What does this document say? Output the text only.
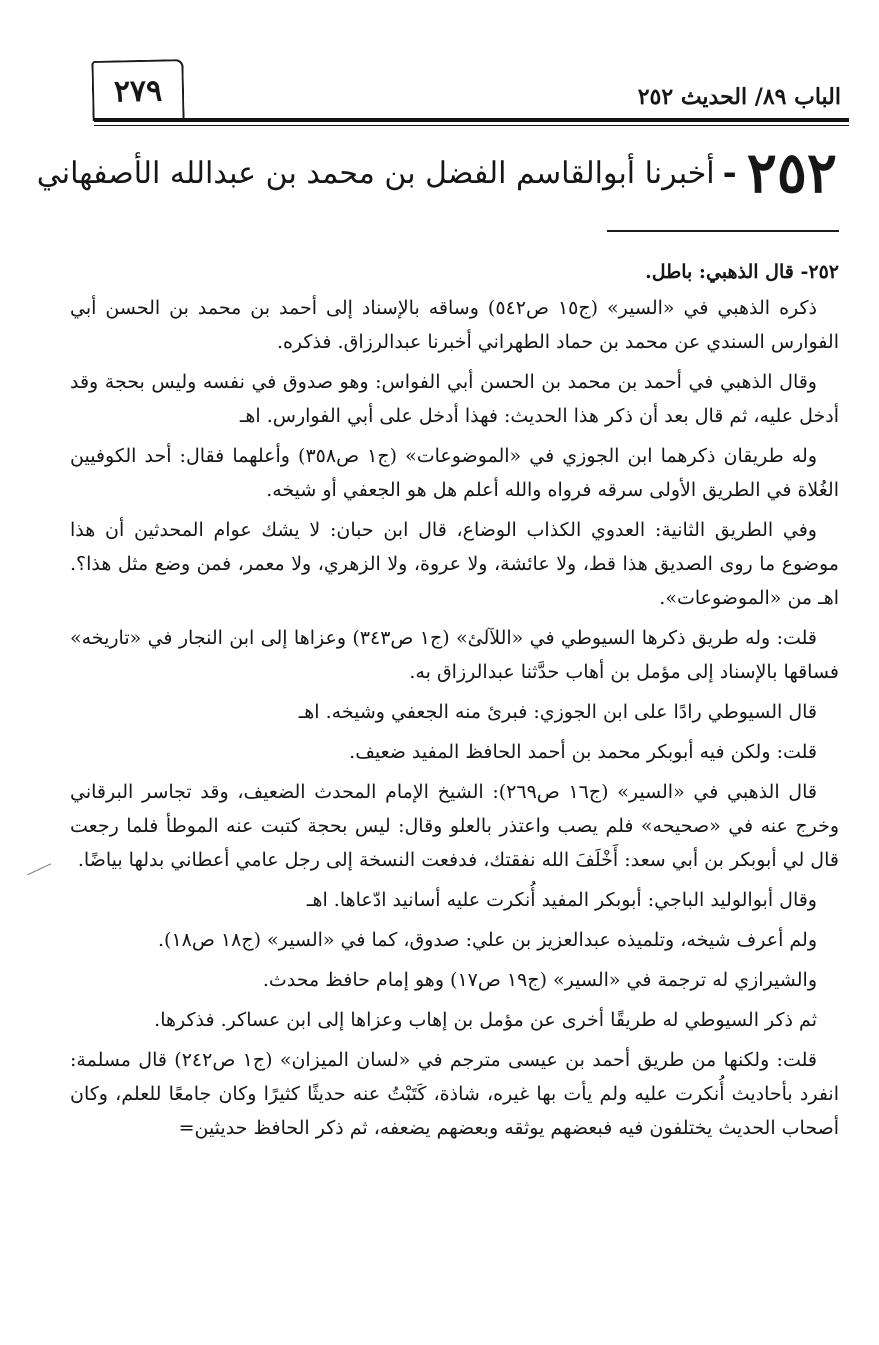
٢٧٩	الباب ٨٩/ الحديث ٢٥٢
٢٥٢
-
أخبرنا أبوالقاسم الفضل بن محمد بن عبدالله الأصفهاني

٢٥٢- قال الذهبي: باطل.

ذكره الذهبي في «السير» (ج١٥ ص٥٤٢) وساقه بالإسناد إلى أحمد بن محمد بن الحسن أبي الفوارس السندي عن محمد بن حماد الطهراني أخبرنا عبدالرزاق. فذكره.

وقال الذهبي في أحمد بن محمد بن الحسن أبي الفواس: وهو صدوق في نفسه وليس بحجة وقد أدخل عليه، ثم قال بعد أن ذكر هذا الحديث: فهذا أدخل على أبي الفوارس. اهـ

وله طريقان ذكرهما ابن الجوزي في «الموضوعات» (ج١ ص٣٥٨) وأعلهما فقال: أحد الكوفيين الغُلاة في الطريق الأولى سرقه فرواه والله أعلم هل هو الجعفي أو شيخه.

وفي الطريق الثانية: العدوي الكذاب الوضاع، قال ابن حبان: لا يشك عوام المحدثين أن هذا موضوع ما روى الصديق هذا قط، ولا عائشة، ولا عروة، ولا الزهري، ولا معمر، فمن وضع مثل هذا؟. اهـ من «الموضوعات».

قلت: وله طريق ذكرها السيوطي في «اللآلئ» (ج١ ص٣٤٣) وعزاها إلى ابن النجار في «تاريخه» فساقها بالإسناد إلى مؤمل بن أهاب حدَّثنا عبدالرزاق به.

قال السيوطي رادًا على ابن الجوزي: فبرئ منه الجعفي وشيخه. اهـ

قلت: ولكن فيه أبوبكر محمد بن أحمد الحافظ المفيد ضعيف.

قال الذهبي في «السير» (ج١٦ ص٢٦٩): الشيخ الإمام المحدث الضعيف، وقد تجاسر البرقاني وخرج عنه في «صحيحه» فلم يصب واعتذر بالعلو وقال: ليس بحجة كتبت عنه الموطأ فلما رجعت قال لي أبوبكر بن أبي سعد: أَخْلَفَ الله نفقتك، فدفعت النسخة إلى رجل عامي أعطاني بدلها بياضًا.

وقال أبوالوليد الباجي: أبوبكر المفيد أُنكرت عليه أسانيد ادّعاها. اهـ

ولم أعرف شيخه، وتلميذه عبدالعزيز بن علي: صدوق، كما في «السير» (ج١٨ ص١٨).

والشيرازي له ترجمة في «السير» (ج١٩ ص١٧) وهو إمام حافظ محدث.

ثم ذكر السيوطي له طريقًا أخرى عن مؤمل بن إهاب وعزاها إلى ابن عساكر. فذكرها.

قلت: ولكنها من طريق أحمد بن عيسى مترجم في «لسان الميزان» (ج١ ص٢٤٢) قال مسلمة: انفرد بأحاديث أُنكرت عليه ولم يأت بها غيره، شاذة، كَتَبْتُ عنه حديثًا كثيرًا وكان جامعًا للعلم، وكان أصحاب الحديث يختلفون فيه فبعضهم يوثقه وبعضهم يضعفه، ثم ذكر الحافظ حديثين=
